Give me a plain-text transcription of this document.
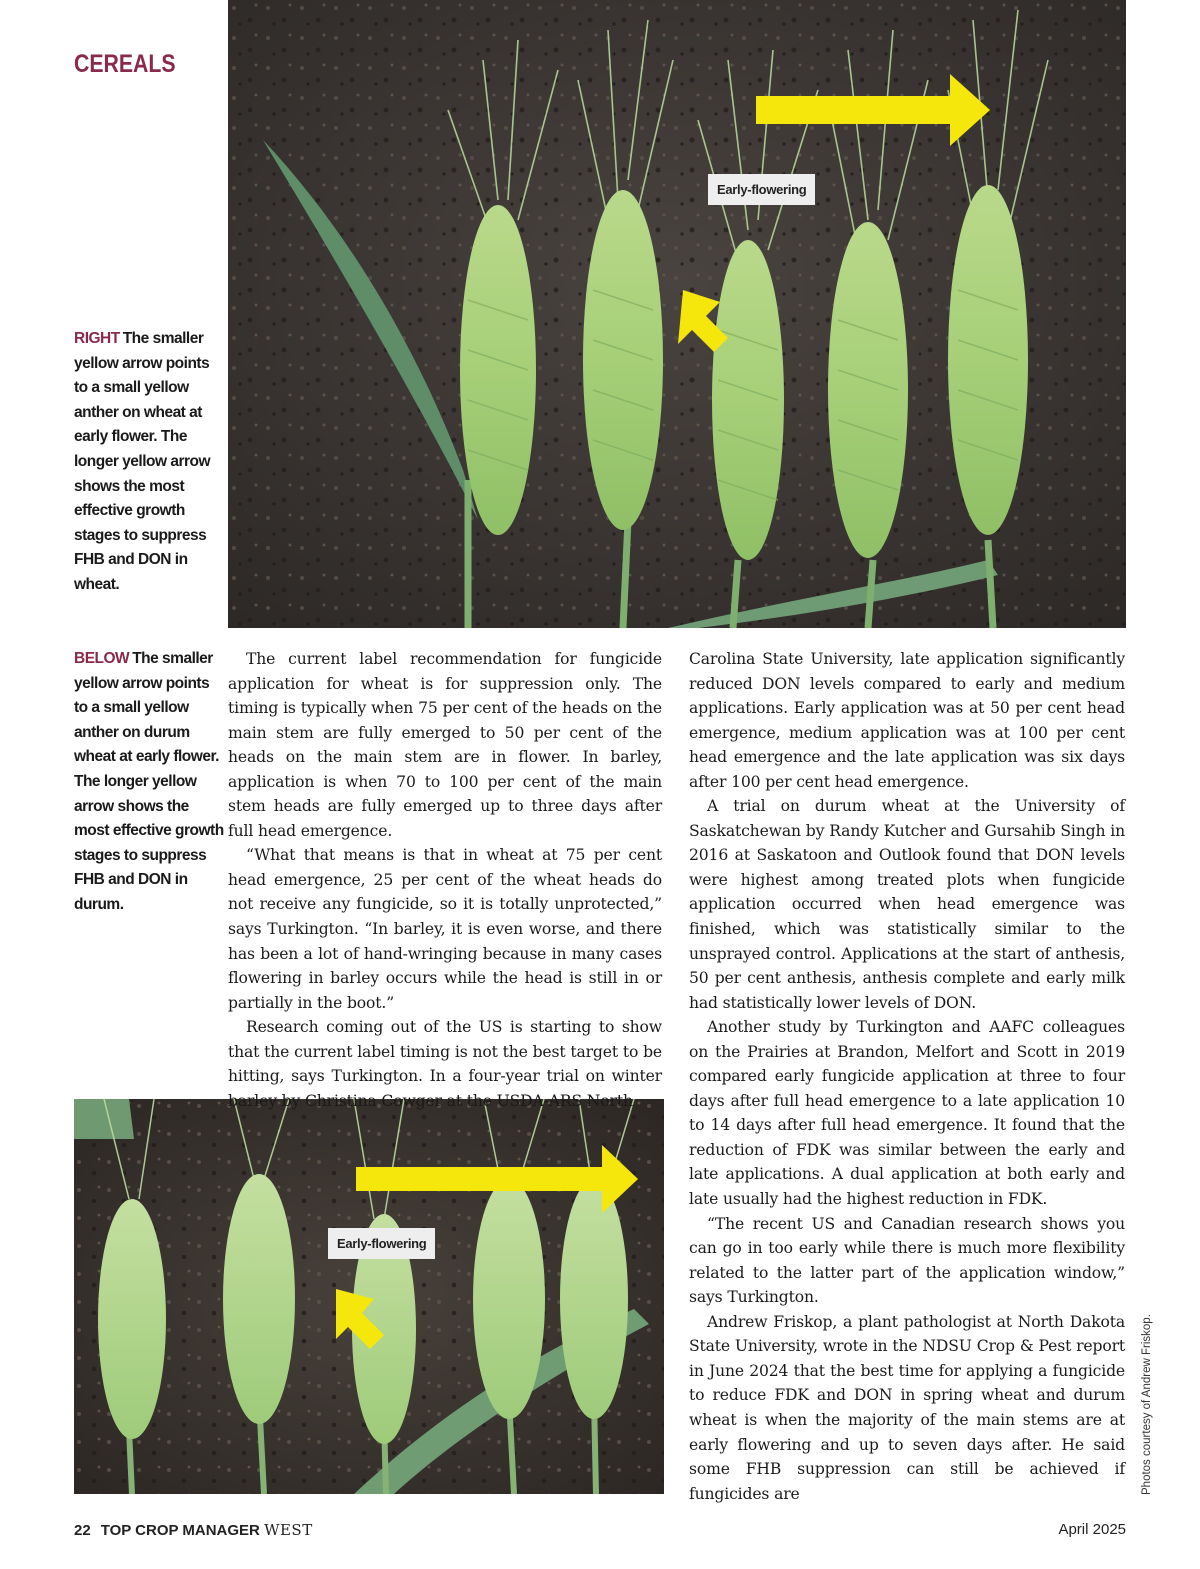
CEREALS
RIGHT The smaller yellow arrow points to a small yellow anther on wheat at early flower. The longer yellow arrow shows the most effective growth stages to suppress FHB and DON in wheat.
BELOW The smaller yellow arrow points to a small yellow anther on durum wheat at early flower. The longer yellow arrow shows the most effective growth stages to suppress FHB and DON in durum.
Early-flowering
Early-flowering

The current label recommendation for fungicide application for wheat is for suppression only. The timing is typically when 75 per cent of the heads on the main stem are fully emerged to 50 per cent of the heads on the main stem are in flower. In barley, application is when 70 to 100 per cent of the main stem heads are fully emerged up to three days after full head emergence.

“What that means is that in wheat at 75 per cent head emergence, 25 per cent of the wheat heads do not receive any fungicide, so it is totally unprotected,” says Turkington. “In barley, it is even worse, and there has been a lot of hand-wringing because in many cases flowering in barley occurs while the head is still in or partially in the boot.”

Research coming out of the US is starting to show that the current label timing is not the best target to be hitting, says Turkington. In a four-year trial on winter barley by Christina Cowger at the USDA-ARS North

Carolina State University, late application significantly reduced DON levels compared to early and medium applications. Early application was at 50 per cent head emergence, medium application was at 100 per cent head emergence and the late application was six days after 100 per cent head emergence.

A trial on durum wheat at the University of Saskatchewan by Randy Kutcher and Gursahib Singh in 2016 at Saskatoon and Outlook found that DON levels were highest among treated plots when fungicide application occurred when head emergence was finished, which was statistically similar to the unsprayed control. Applications at the start of anthesis, 50 per cent anthesis, anthesis complete and early milk had statistically lower levels of DON.

Another study by Turkington and AAFC colleagues on the Prairies at Brandon, Melfort and Scott in 2019 compared early fungicide application at three to four days after full head emergence to a late application 10 to 14 days after full head emergence. It found that the reduction of FDK was similar between the early and late applications. A dual application at both early and late usually had the highest reduction in FDK.

“The recent US and Canadian research shows you can go in too early while there is much more flexibility related to the latter part of the application window,” says Turkington.

Andrew Friskop, a plant pathologist at North Dakota State University, wrote in the NDSU Crop & Pest report in June 2024 that the best time for applying a fungicide to reduce FDK and DON in spring wheat and durum wheat is when the majority of the main stems are at early flowering and up to seven days after. He said some FHB suppression can still be achieved if fungicides are	Photos courtesy of Andrew Friskop.
22 TOP CROP MANAGER WEST	April 2025
